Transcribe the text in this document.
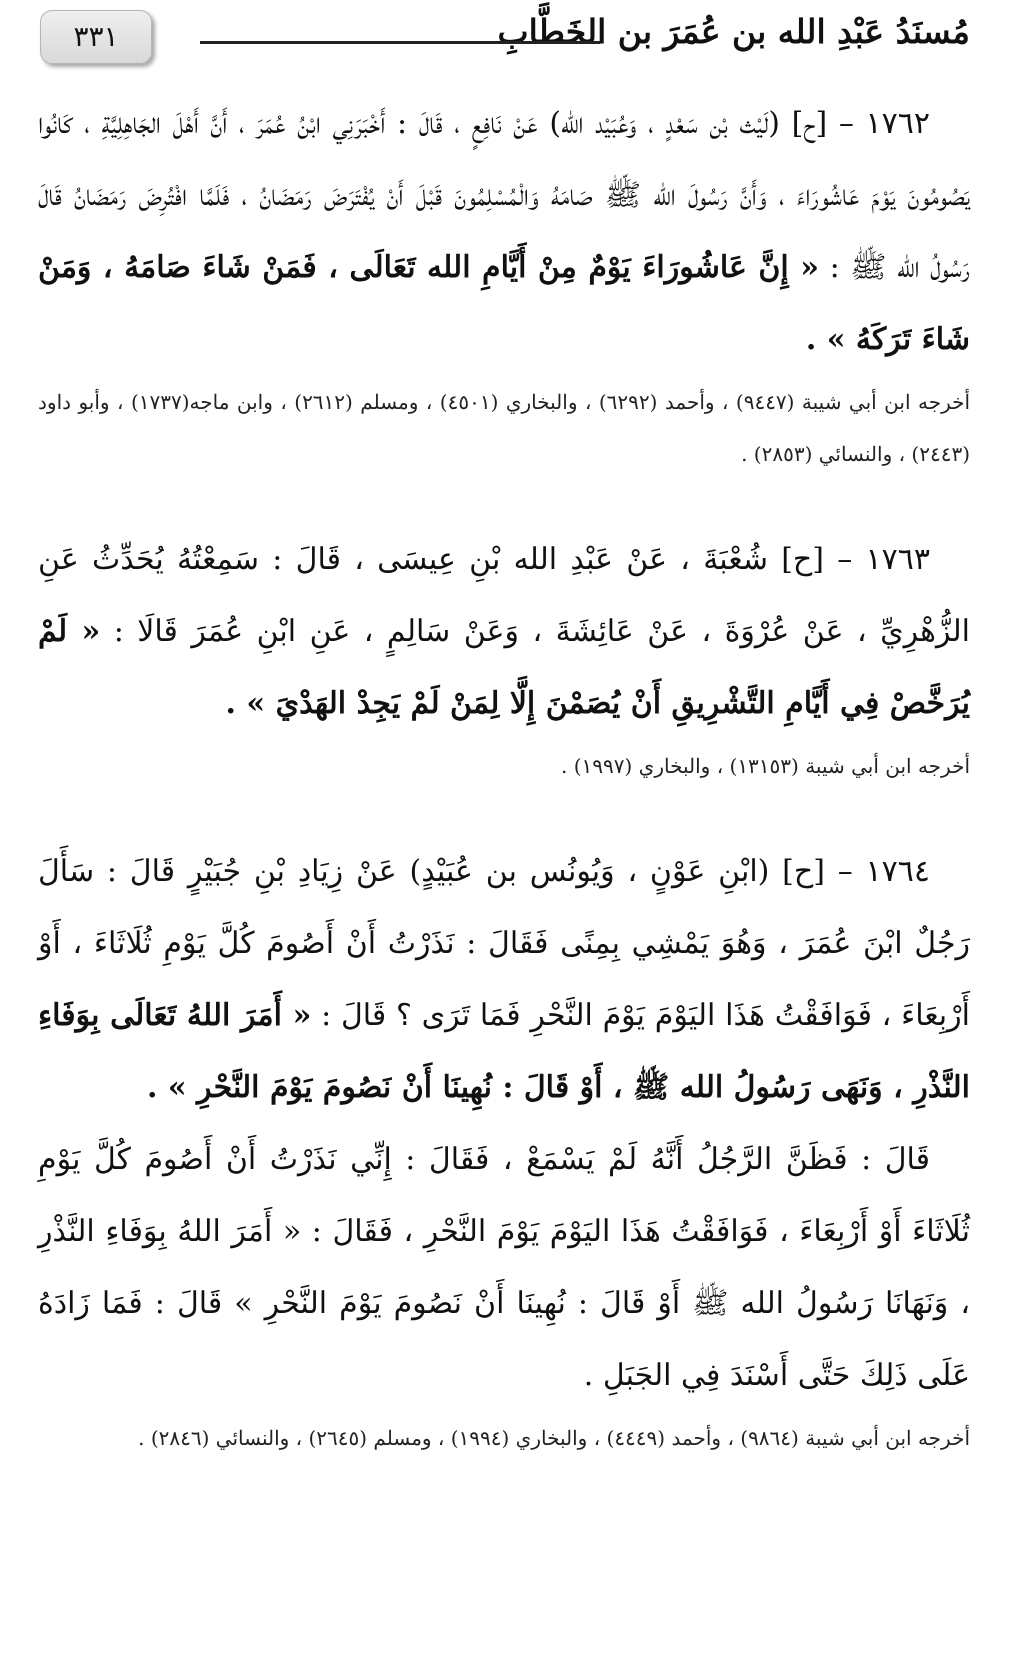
مُسنَدُ عَبْدِ الله بن عُمَرَ بن الخَطَّابِ
٣٣١

١٧٦٢ – [ح] (لَيْث بْن سَعْدٍ ، وَعُبَيْد الله) عَنْ نَافِعٍ ، قَالَ : أَخْبَرَنِي ابْنُ عُمَرَ ، أَنَّ أَهْلَ الجَاهِلِيَّةِ ، كَانُوا يَصُومُونَ يَوْمَ عَاشُورَاءَ ، وَأَنَّ رَسُولَ الله ﷺ صَامَهُ وَالْمُسْلِمُونَ قَبْلَ أَنْ يُفْتَرَضَ رَمَضَانُ ، فَلَمَّا افْتُرِضَ رَمَضَانُ قَالَ رَسُولُ الله ﷺ : « إِنَّ عَاشُورَاءَ يَوْمٌ مِنْ أَيَّامِ الله تَعَالَى ، فَمَنْ شَاءَ صَامَهُ ، وَمَنْ شَاءَ تَرَكَهُ » .

أخرجه ابن أبي شيبة (٩٤٤٧) ، وأحمد (٦٢٩٢) ، والبخاري (٤٥٠١) ، ومسلم (٢٦١٢) ، وابن ماجه(١٧٣٧) ، وأبو داود (٢٤٤٣) ، والنسائي (٢٨٥٣) .

١٧٦٣ – [ح] شُعْبَةَ ، عَنْ عَبْدِ الله بْنِ عِيسَى ، قَالَ : سَمِعْتُهُ يُحَدِّثُ عَنِ الزُّهْرِيِّ ، عَنْ عُرْوَةَ ، عَنْ عَائِشَةَ ، وَعَنْ سَالِمٍ ، عَنِ ابْنِ عُمَرَ قَالَا : « لَمْ يُرَخَّصْ فِي أَيَّامِ التَّشْرِيقِ أَنْ يُصَمْنَ إِلَّا لِمَنْ لَمْ يَجِدْ الهَدْيَ » .

أخرجه ابن أبي شيبة (١٣١٥٣) ، والبخاري (١٩٩٧) .

١٧٦٤ – [ح] (ابْنِ عَوْنٍ ، وَيُونُس بن عُبَيْدٍ) عَنْ زِيَادِ بْنِ جُبَيْرٍ قَالَ : سَأَلَ رَجُلٌ ابْنَ عُمَرَ ، وَهُوَ يَمْشِي بِمِنًى فَقَالَ : نَذَرْتُ أَنْ أَصُومَ كُلَّ يَوْمِ ثُلَاثَاءَ ، أَوْ أَرْبِعَاءَ ، فَوَافَقْتُ هَذَا اليَوْمَ يَوْمَ النَّحْرِ فَمَا تَرَى ؟ قَالَ : « أَمَرَ اللهُ تَعَالَى بِوَفَاءِ النَّذْرِ ، وَنَهَى رَسُولُ الله ﷺ ، أَوْ قَالَ : نُهِينَا أَنْ نَصُومَ يَوْمَ النَّحْرِ » .

قَالَ : فَظَنَّ الرَّجُلُ أَنَّهُ لَمْ يَسْمَعْ ، فَقَالَ : إِنِّي نَذَرْتُ أَنْ أَصُومَ كُلَّ يَوْمِ ثُلَاثَاءَ أَوْ أَرْبِعَاءَ ، فَوَافَقْتُ هَذَا اليَوْمَ يَوْمَ النَّحْرِ ، فَقَالَ : « أَمَرَ اللهُ بِوَفَاءِ النَّذْرِ ، وَنَهَانَا رَسُولُ الله ﷺ أَوْ قَالَ : نُهِينَا أَنْ نَصُومَ يَوْمَ النَّحْرِ » قَالَ : فَمَا زَادَهُ عَلَى ذَلِكَ حَتَّى أَسْنَدَ فِي الجَبَلِ .

أخرجه ابن أبي شيبة (٩٨٦٤) ، وأحمد (٤٤٤٩) ، والبخاري (١٩٩٤) ، ومسلم (٢٦٤٥) ، والنسائي (٢٨٤٦) .
